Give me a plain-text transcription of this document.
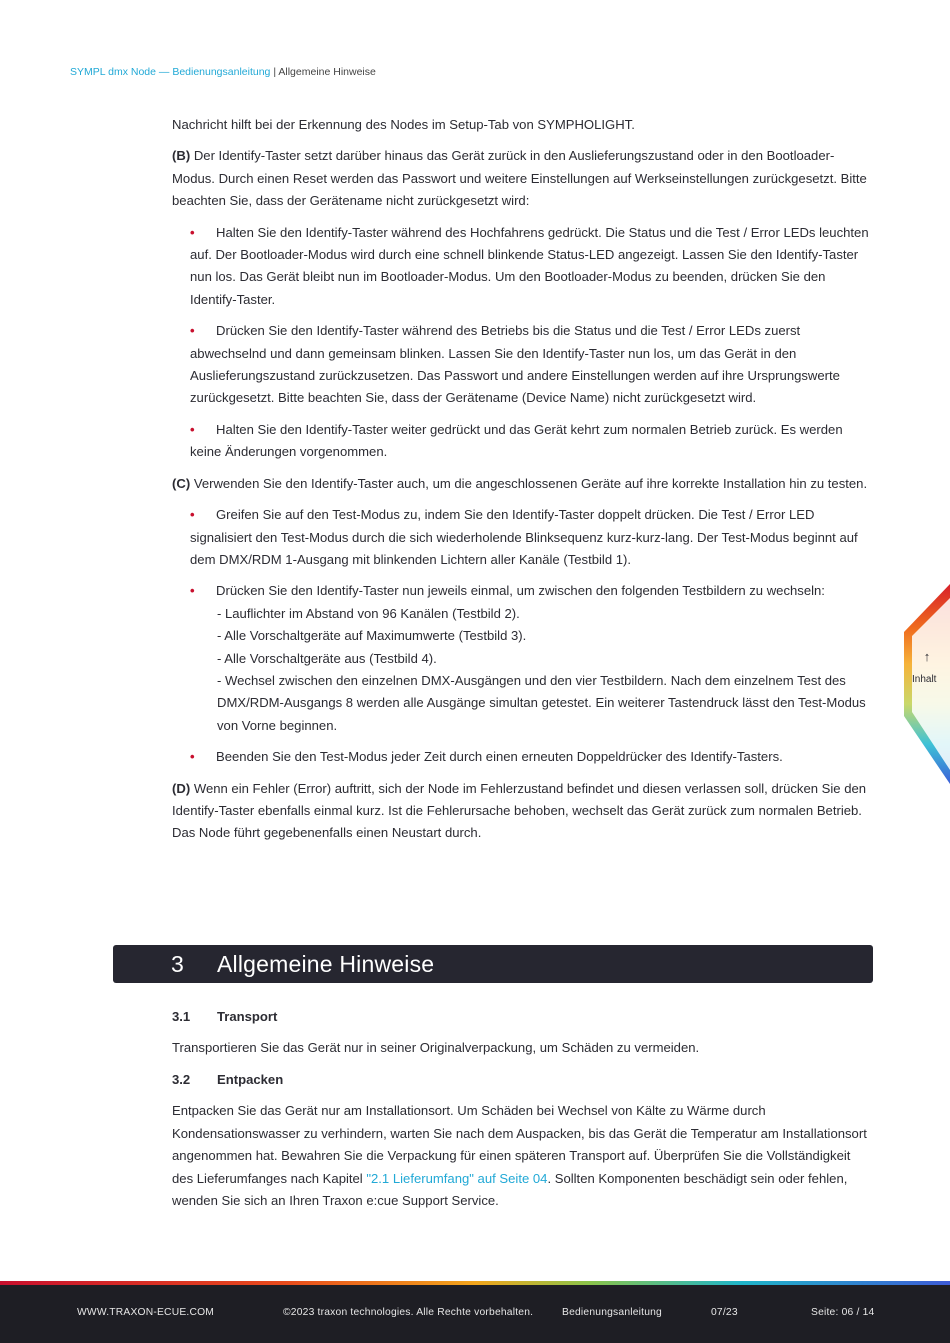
SYMPL dmx Node — Bedienungsanleitung | Allgemeine Hinweise

Nachricht hilft bei der Erkennung des Nodes im Setup-Tab von SYMPHOLIGHT.

(B) Der Identify-Taster setzt darüber hinaus das Gerät zurück in den Auslieferungszustand oder in den Bootloader-Modus. Durch einen Reset werden das Passwort und weitere Einstellungen auf Werkseinstellungen zurückgesetzt. Bitte beachten Sie, dass der Gerätename nicht zurückgesetzt wird:

• Halten Sie den Identify-Taster während des Hochfahrens gedrückt. Die Status und die Test / Error LEDs leuchten auf. Der Bootloader-Modus wird durch eine schnell blinkende Status-LED angezeigt. Lassen Sie den Identify-Taster nun los. Das Gerät bleibt nun im Bootloader-Modus. Um den Bootloader-Modus zu beenden, drücken Sie den Identify-Taster.

• Drücken Sie den Identify-Taster während des Betriebs bis die Status und die Test / Error LEDs zuerst abwechselnd und dann gemeinsam blinken. Lassen Sie den Identify-Taster nun los, um das Gerät in den Auslieferungszustand zurückzusetzen. Das Passwort und andere Einstellungen werden auf ihre Ursprungswerte zurückgesetzt. Bitte beachten Sie, dass der Gerätename (Device Name) nicht zurückgesetzt wird.

• Halten Sie den Identify-Taster weiter gedrückt und das Gerät kehrt zum normalen Betrieb zurück. Es werden keine Änderungen vorgenommen.

(C) Verwenden Sie den Identify-Taster auch, um die angeschlossenen Geräte auf ihre korrekte Installation hin zu testen.

• Greifen Sie auf den Test-Modus zu, indem Sie den Identify-Taster doppelt drücken. Die Test / Error LED signalisiert den Test-Modus durch die sich wiederholende Blinksequenz kurz-kurz-lang. Der Test-Modus beginnt auf dem DMX/RDM 1-Ausgang mit blinkenden Lichtern aller Kanäle (Testbild 1).

• Drücken Sie den Identify-Taster nun jeweils einmal, um zwischen den folgenden Testbildern zu wechseln:

- Lauflichter im Abstand von 96 Kanälen (Testbild 2).

- Alle Vorschaltgeräte auf Maximumwerte (Testbild 3).

- Alle Vorschaltgeräte aus (Testbild 4).

- Wechsel zwischen den einzelnen DMX-Ausgängen und den vier Testbildern. Nach dem einzelnem Test des DMX/RDM-Ausgangs 8 werden alle Ausgänge simultan getestet. Ein weiterer Tastendruck lässt den Test-Modus von Vorne beginnen.

• Beenden Sie den Test-Modus jeder Zeit durch einen erneuten Doppeldrücker des Identify-Tasters.

(D) Wenn ein Fehler (Error) auftritt, sich der Node im Fehlerzustand befindet und diesen verlassen soll, drücken Sie den Identify-Taster ebenfalls einmal kurz. Ist die Fehlerursache behoben, wechselt das Gerät zurück zum normalen Betrieb. Das Node führt gegebenenfalls einen Neustart durch.

3 Allgemeine Hinweise
3.1 Transport

Transportieren Sie das Gerät nur in seiner Originalverpackung, um Schäden zu vermeiden.

3.2 Entpacken

Entpacken Sie das Gerät nur am Installationsort. Um Schäden bei Wechsel von Kälte zu Wärme durch Kondensationswasser zu verhindern, warten Sie nach dem Auspacken, bis das Gerät die Temperatur am Installationsort angenommen hat. Bewahren Sie die Verpackung für einen späteren Transport auf. Überprüfen Sie die Vollständigkeit des Lieferumfanges nach Kapitel "2.1 Lieferumfang" auf Seite 04. Sollten Komponenten beschädigt sein oder fehlen, wenden Sie sich an Ihren Traxon e:cue Support Service.

↑
Inhalt
WWW.TRAXON-ECUE.COM	©2023 traxon technologies. Alle Rechte vorbehalten.	Bedienungsanleitung	07/23	Seite: 06 / 14
